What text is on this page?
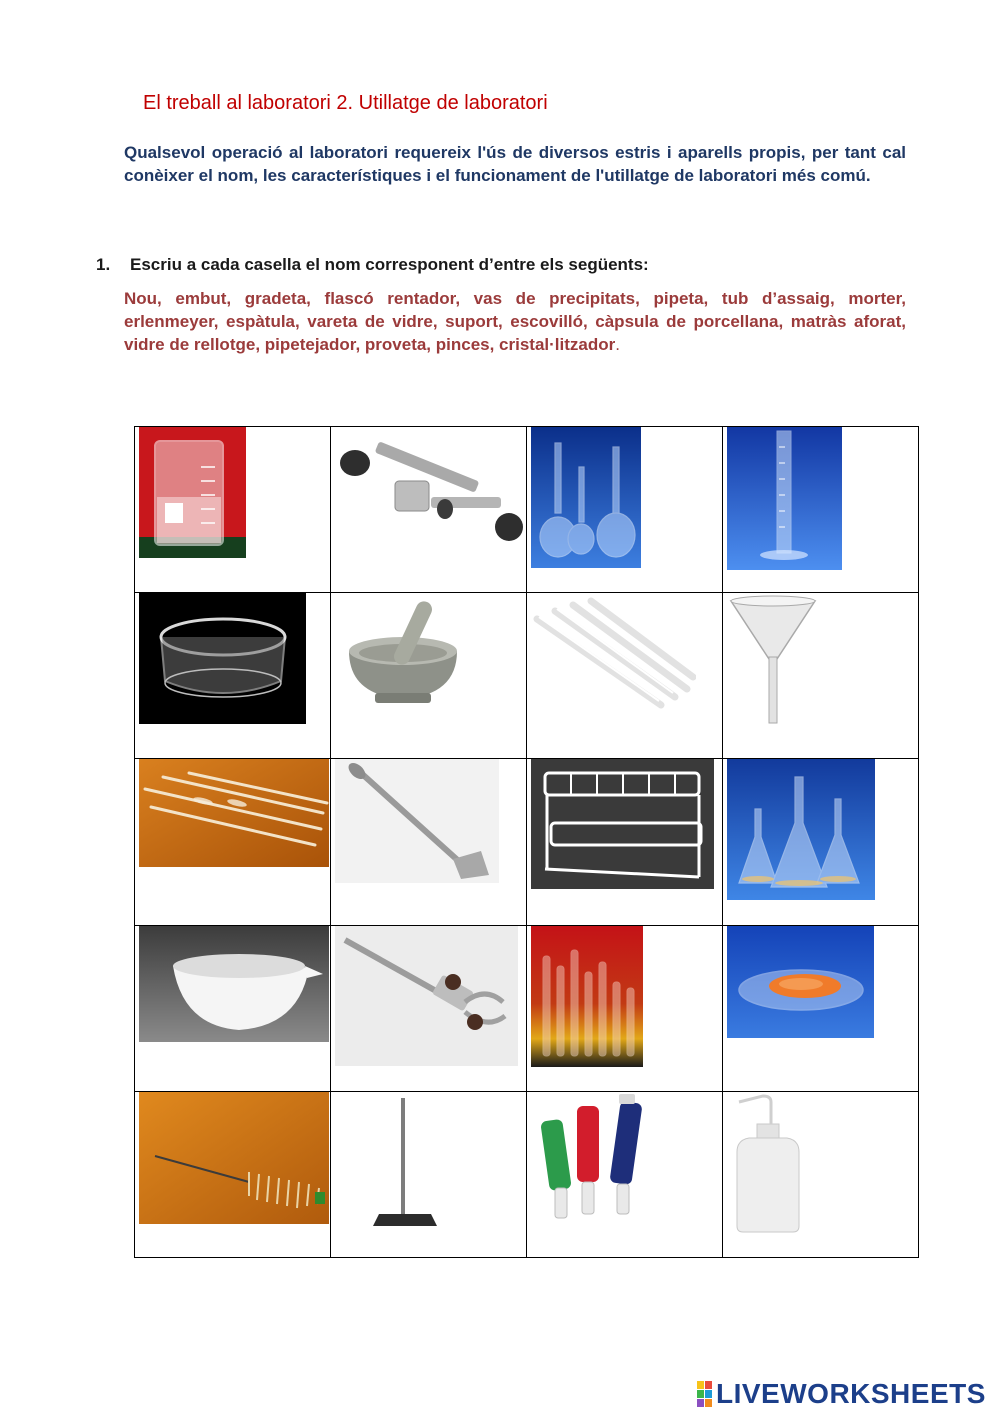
El treball al laboratori 2. Utillatge de laboratori

Qualsevol operació al laboratori requereix l'ús de diversos estris i aparells propis, per tant cal conèixer el nom, les característiques i el funcionament de l'utillatge de laboratori més comú.

1. Escriu a cada casella el nom corresponent d’entre els següents:

Nou, embut, gradeta, flascó rentador, vas de precipitats, pipeta, tub d’assaig, morter, erlenmeyer, espàtula, vareta de vidre, suport, escovilló, càpsula de porcellana, matràs aforat, vidre de rellotge, pipetejador, proveta, pinces, cristal·litzador.

LIVEWORKSHEETS
